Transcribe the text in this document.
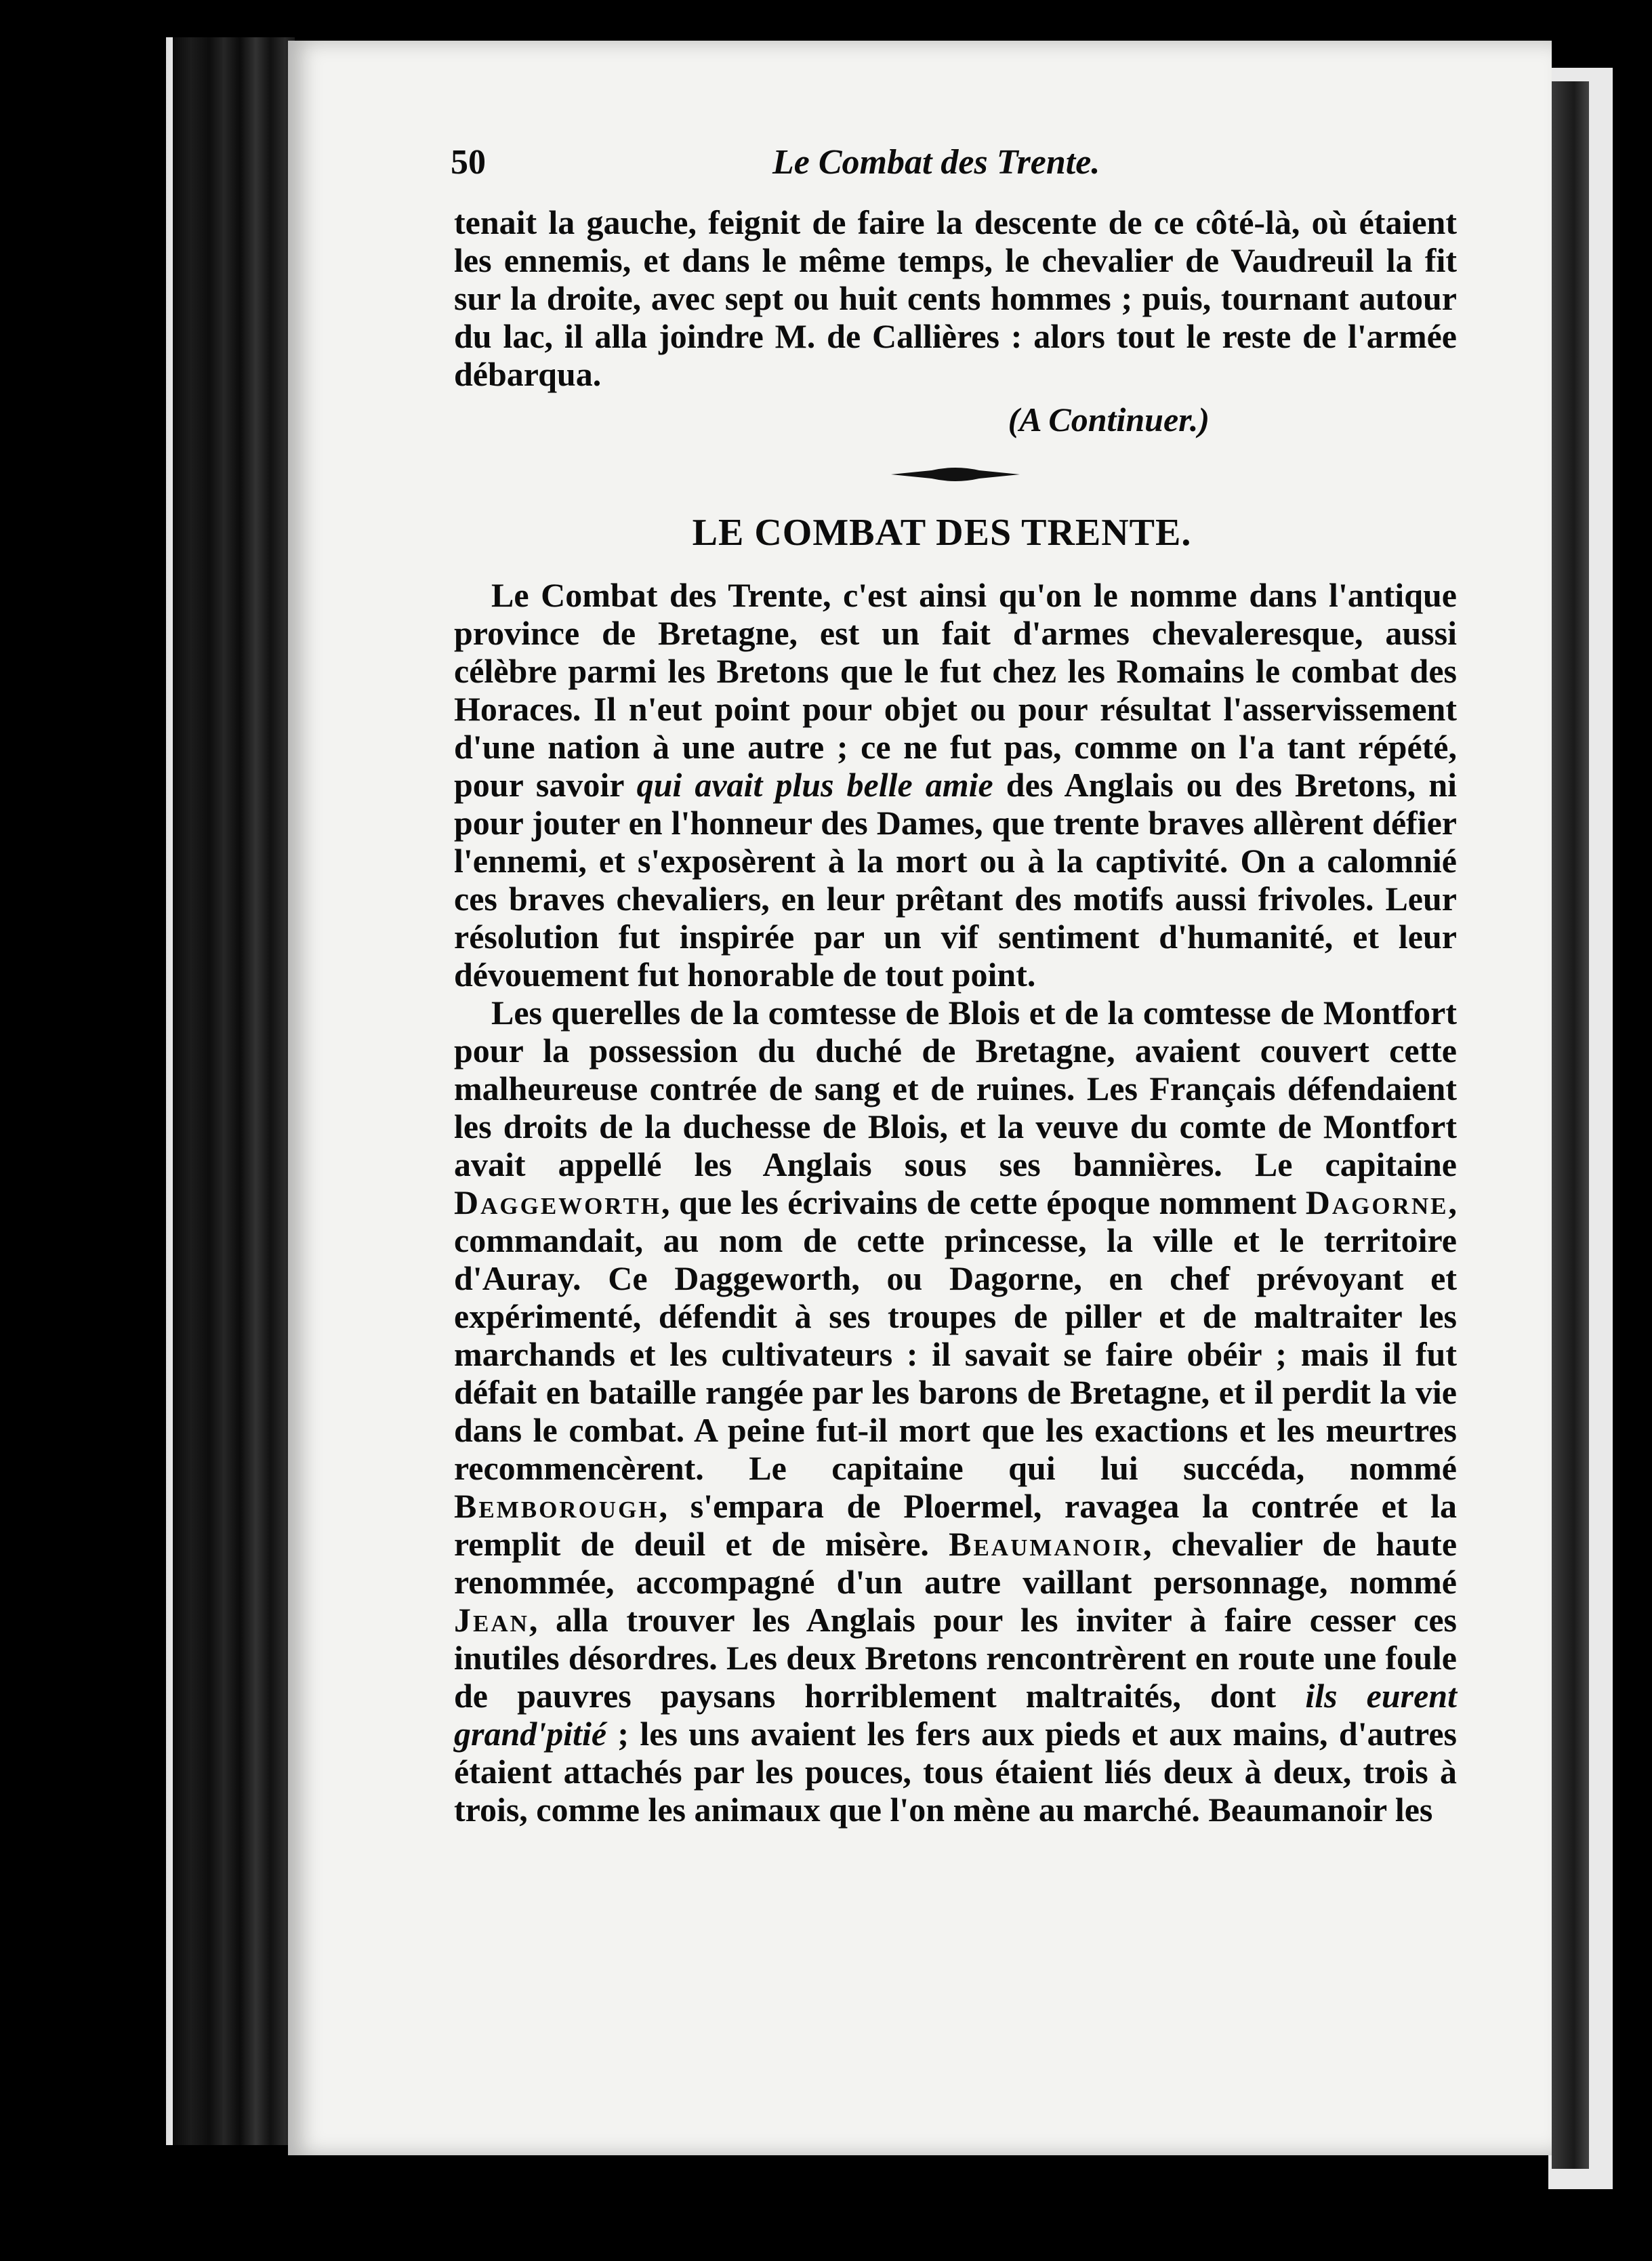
50	Le Combat des Trente.

tenait la gauche, feignit de faire la descente de ce côté-là, où étaient les ennemis, et dans le même temps, le chevalier de Vaudreuil la fit sur la droite, avec sept ou huit cents hommes ; puis, tournant autour du lac, il alla joindre M. de Callières : alors tout le reste de l'armée débarqua.

(A Continuer.)
LE COMBAT DES TRENTE.

Le Combat des Trente, c'est ainsi qu'on le nomme dans l'antique province de Bretagne, est un fait d'armes chevaleresque, aussi célèbre parmi les Bretons que le fut chez les Romains le combat des Horaces. Il n'eut point pour objet ou pour résultat l'asservissement d'une nation à une autre ; ce ne fut pas, comme on l'a tant répété, pour savoir qui avait plus belle amie des Anglais ou des Bretons, ni pour jouter en l'honneur des Dames, que trente braves allèrent défier l'ennemi, et s'exposèrent à la mort ou à la captivité. On a calomnié ces braves chevaliers, en leur prêtant des motifs aussi frivoles. Leur résolution fut inspirée par un vif sentiment d'humanité, et leur dévouement fut honorable de tout point.

Les querelles de la comtesse de Blois et de la comtesse de Montfort pour la possession du duché de Bretagne, avaient couvert cette malheureuse contrée de sang et de ruines. Les Français défendaient les droits de la duchesse de Blois, et la veuve du comte de Montfort avait appellé les Anglais sous ses bannières. Le capitaine Daggeworth, que les écrivains de cette époque nomment Dagorne, commandait, au nom de cette princesse, la ville et le territoire d'Auray. Ce Daggeworth, ou Dagorne, en chef prévoyant et expérimenté, défendit à ses troupes de piller et de maltraiter les marchands et les cultivateurs : il savait se faire obéir ; mais il fut défait en bataille rangée par les barons de Bretagne, et il perdit la vie dans le combat. A peine fut-il mort que les exactions et les meurtres recommencèrent. Le capitaine qui lui succéda, nommé Bemborough, s'empara de Ploermel, ravagea la contrée et la remplit de deuil et de misère. Beaumanoir, chevalier de haute renommée, accompagné d'un autre vaillant personnage, nommé Jean, alla trouver les Anglais pour les inviter à faire cesser ces inutiles désordres. Les deux Bretons rencontrèrent en route une foule de pauvres paysans horriblement maltraités, dont ils eurent grand'pitié ; les uns avaient les fers aux pieds et aux mains, d'autres étaient attachés par les pouces, tous étaient liés deux à deux, trois à trois, comme les animaux que l'on mène au marché. Beaumanoir les
